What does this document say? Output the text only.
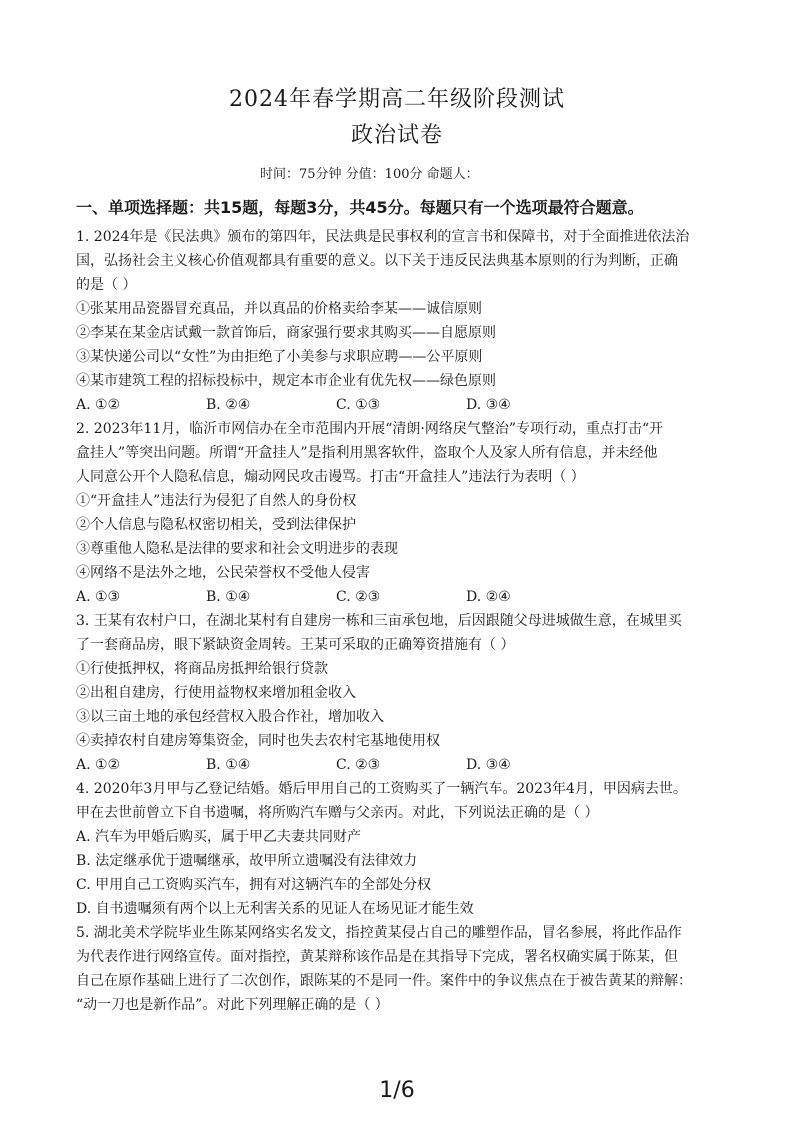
2024年春学期高二年级阶段测试
政治试卷
时间：75分钟 分值：100分 命题人：
一、单项选择题：共15题，每题3分，共45分。每题只有一个选项最符合题意。
1. 2024年是《民法典》颁布的第四年，民法典是民事权利的宣言书和保障书，对于全面推进依法治
国，弘扬社会主义核心价值观都具有重要的意义。以下关于违反民法典基本原则的行为判断，正确
的是（ ）
①张某用品瓷器冒充真品，并以真品的价格卖给李某——诚信原则
②李某在某金店试戴一款首饰后，商家强行要求其购买——自愿原则
③某快递公司以“女性”为由拒绝了小美参与求职应聘——公平原则
④某市建筑工程的招标投标中，规定本市企业有优先权——绿色原则
A. ①②	B. ②④	C. ①③	D. ③④
2. 2023年11月，临沂市网信办在全市范围内开展“清朗·网络戾气整治”专项行动，重点打击“开
盒挂人”等突出问题。所谓“开盒挂人”是指利用黑客软件，盗取个人及家人所有信息，并未经他
人同意公开个人隐私信息，煽动网民攻击谩骂。打击“开盒挂人”违法行为表明（ ）
①“开盒挂人”违法行为侵犯了自然人的身份权
②个人信息与隐私权密切相关，受到法律保护
③尊重他人隐私是法律的要求和社会文明进步的表现
④网络不是法外之地，公民荣誉权不受他人侵害
A. ①③	B. ①④	C. ②③	D. ②④
3. 王某有农村户口，在湖北某村有自建房一栋和三亩承包地，后因跟随父母进城做生意，在城里买
了一套商品房，眼下紧缺资金周转。王某可采取的正确筹资措施有（ ）
①行使抵押权，将商品房抵押给银行贷款
②出租自建房，行使用益物权来增加租金收入
③以三亩土地的承包经营权入股合作社，增加收入
④卖掉农村自建房筹集资金，同时也失去农村宅基地使用权
A. ①②	B. ①④	C. ②③	D. ③④
4. 2020年3月甲与乙登记结婚。婚后甲用自己的工资购买了一辆汽车。2023年4月，甲因病去世。
甲在去世前曾立下自书遗嘱，将所购汽车赠与父亲丙。对此，下列说法正确的是（ ）
A. 汽车为甲婚后购买，属于甲乙夫妻共同财产
B. 法定继承优于遗嘱继承，故甲所立遗嘱没有法律效力
C. 甲用自己工资购买汽车，拥有对这辆汽车的全部处分权
D. 自书遗嘱须有两个以上无利害关系的见证人在场见证才能生效
5. 湖北美术学院毕业生陈某网络实名发文，指控黄某侵占自己的雕塑作品，冒名参展，将此作品作
为代表作进行网络宣传。面对指控，黄某辩称该作品是在其指导下完成，署名权确实属于陈某，但
自己在原作基础上进行了二次创作，跟陈某的不是同一件。案件中的争议焦点在于被告黄某的辩解：
“动一刀也是新作品”。对此下列理解正确的是（ ）
1/6
